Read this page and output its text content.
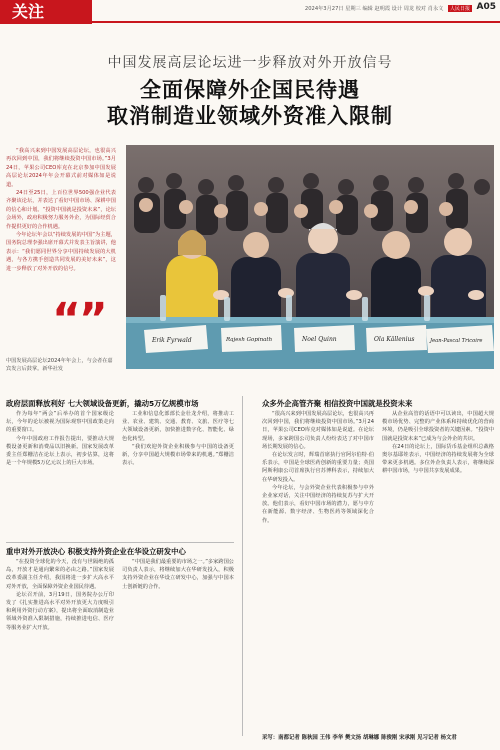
关注	2024年3月27日 星期三 编辑 赵明霞 设计 周龙 校对 肖永文 人民日报 A05
中国发展高层论坛进一步释放对外开放信号
全面保障外企国民待遇
取消制造业领域外资准入限制

“我高兴来到中国发展高层论坛，也很高兴再次回到中国，我们将继续投资中国市场。”3月24日，苹果公司CEO库克在北京参加中国发展高层论坛2024年年会开幕式前对媒体如是说道。

24日至25日，上百位世界500强企业代表齐聚该论坛，并表达了看好中国市场、深耕中国的信心和计划。“投资中国就是投资未来”，论坛会场外，政府积极努力服务外企，为国际经贸合作提供更好的合作机遇。

今年论坛年会以“持续发展的中国”为主题，国务院总理李强出席开幕式并发表主旨演讲，他表示：“我们愿同世界分享中国持续发展的大机遇，与各方携手创造共同发展的美好未来”，这进一步释放了对外开放的信号。

“”
中国发展高层论坛2024年年会上，与会者在嘉宾发言后鼓掌。新华社发
Erik Fyrwald	Rajesh Gopinath	Noel Quinn	Ola Källenius	Jean-Pascal Tricoire
政府层面释放利好 七大领域设备更新，撬动5万亿规模市场

作为每年“两会”后举办的首个国家级论坛，今年的论坛被视为国际观察中国政策走向的重要窗口。

今年中国政府工作报告提出，要推动大规模设备更新和消费品以旧换新。国家发展改革委主任郑栅洁在论坛上表示，初步估算，这将是一个年规模5万亿元以上的巨大市场。

工业和信息化部部长金壮龙介绍，将推动工业、农业、建筑、交通、教育、文旅、医疗等七大领域设备更新，加快推进数字化、智能化、绿色化转型。

“我们欢迎外资企业积极参与中国的设备更新，分享中国超大规模市场带来的机遇。”郑栅洁表示。

重申对外开放决心 积极支持外资企业在华设立研发中心

“在投资全球化的今天，没有与世隔绝的孤岛，开放才是通向繁荣的必由之路。”国家发展改革委副主任介绍，我国将进一步扩大高水平对外开放，全面保障外资企业国民待遇。

论坛召开前，3月19日，国务院办公厅印发了《扎实推进高水平对外开放更大力度吸引和利用外资行动方案》，提出将全面取消制造业领域外资准入限制措施，持续推进电信、医疗等服务业扩大开放。

“中国是我们最重要的市场之一。”多家跨国公司负责人表示，将继续加大在华研发投入，积极支持外资企业在华设立研发中心，加强与中国本土创新链的合作。

众多外企高管齐聚 相信投资中国就是投资未来

“很高兴来到中国发展高层论坛，也很高兴再次回到中国，我们将继续投资中国市场。”3月24日，苹果公司CEO库克对媒体如是说道。在论坛现场，多家跨国公司负责人纷纷表达了对中国市场长期发展的信心。

在论坛发言时，辉瑞首席执行官阿尔伯特·伯乐表示，中国是全球医药创新的重要力量；英国阿斯利康公司首席执行官苏博科表示，持续加大在华研发投入。

今年论坛，与会外资企业代表积极参与中外企业家对话，关注中国经济的持续复苏与扩大开放。他们表示，看好中国市场的潜力，愿与中方在新能源、数字经济、生物医药等领域深化合作。

从企业高管的话语中可以读出，中国超大规模市场优势、完整的产业体系和持续优化的营商环境，仍是吸引全球投资者的关键因素。“投资中国就是投资未来”已成为与会外企的共识。

在24日的论坛上，国际货币基金组织总裁格奥尔基耶娃表示，中国经济的持续发展将为全球带来更多机遇。多位外企负责人表示，将继续深耕中国市场，与中国共享发展成果。

采写：南都记者 陈秋园 王伟 李华 樊文扬 胡琳娜 陈俊刚 宋承刚 见习记者 杨文君
